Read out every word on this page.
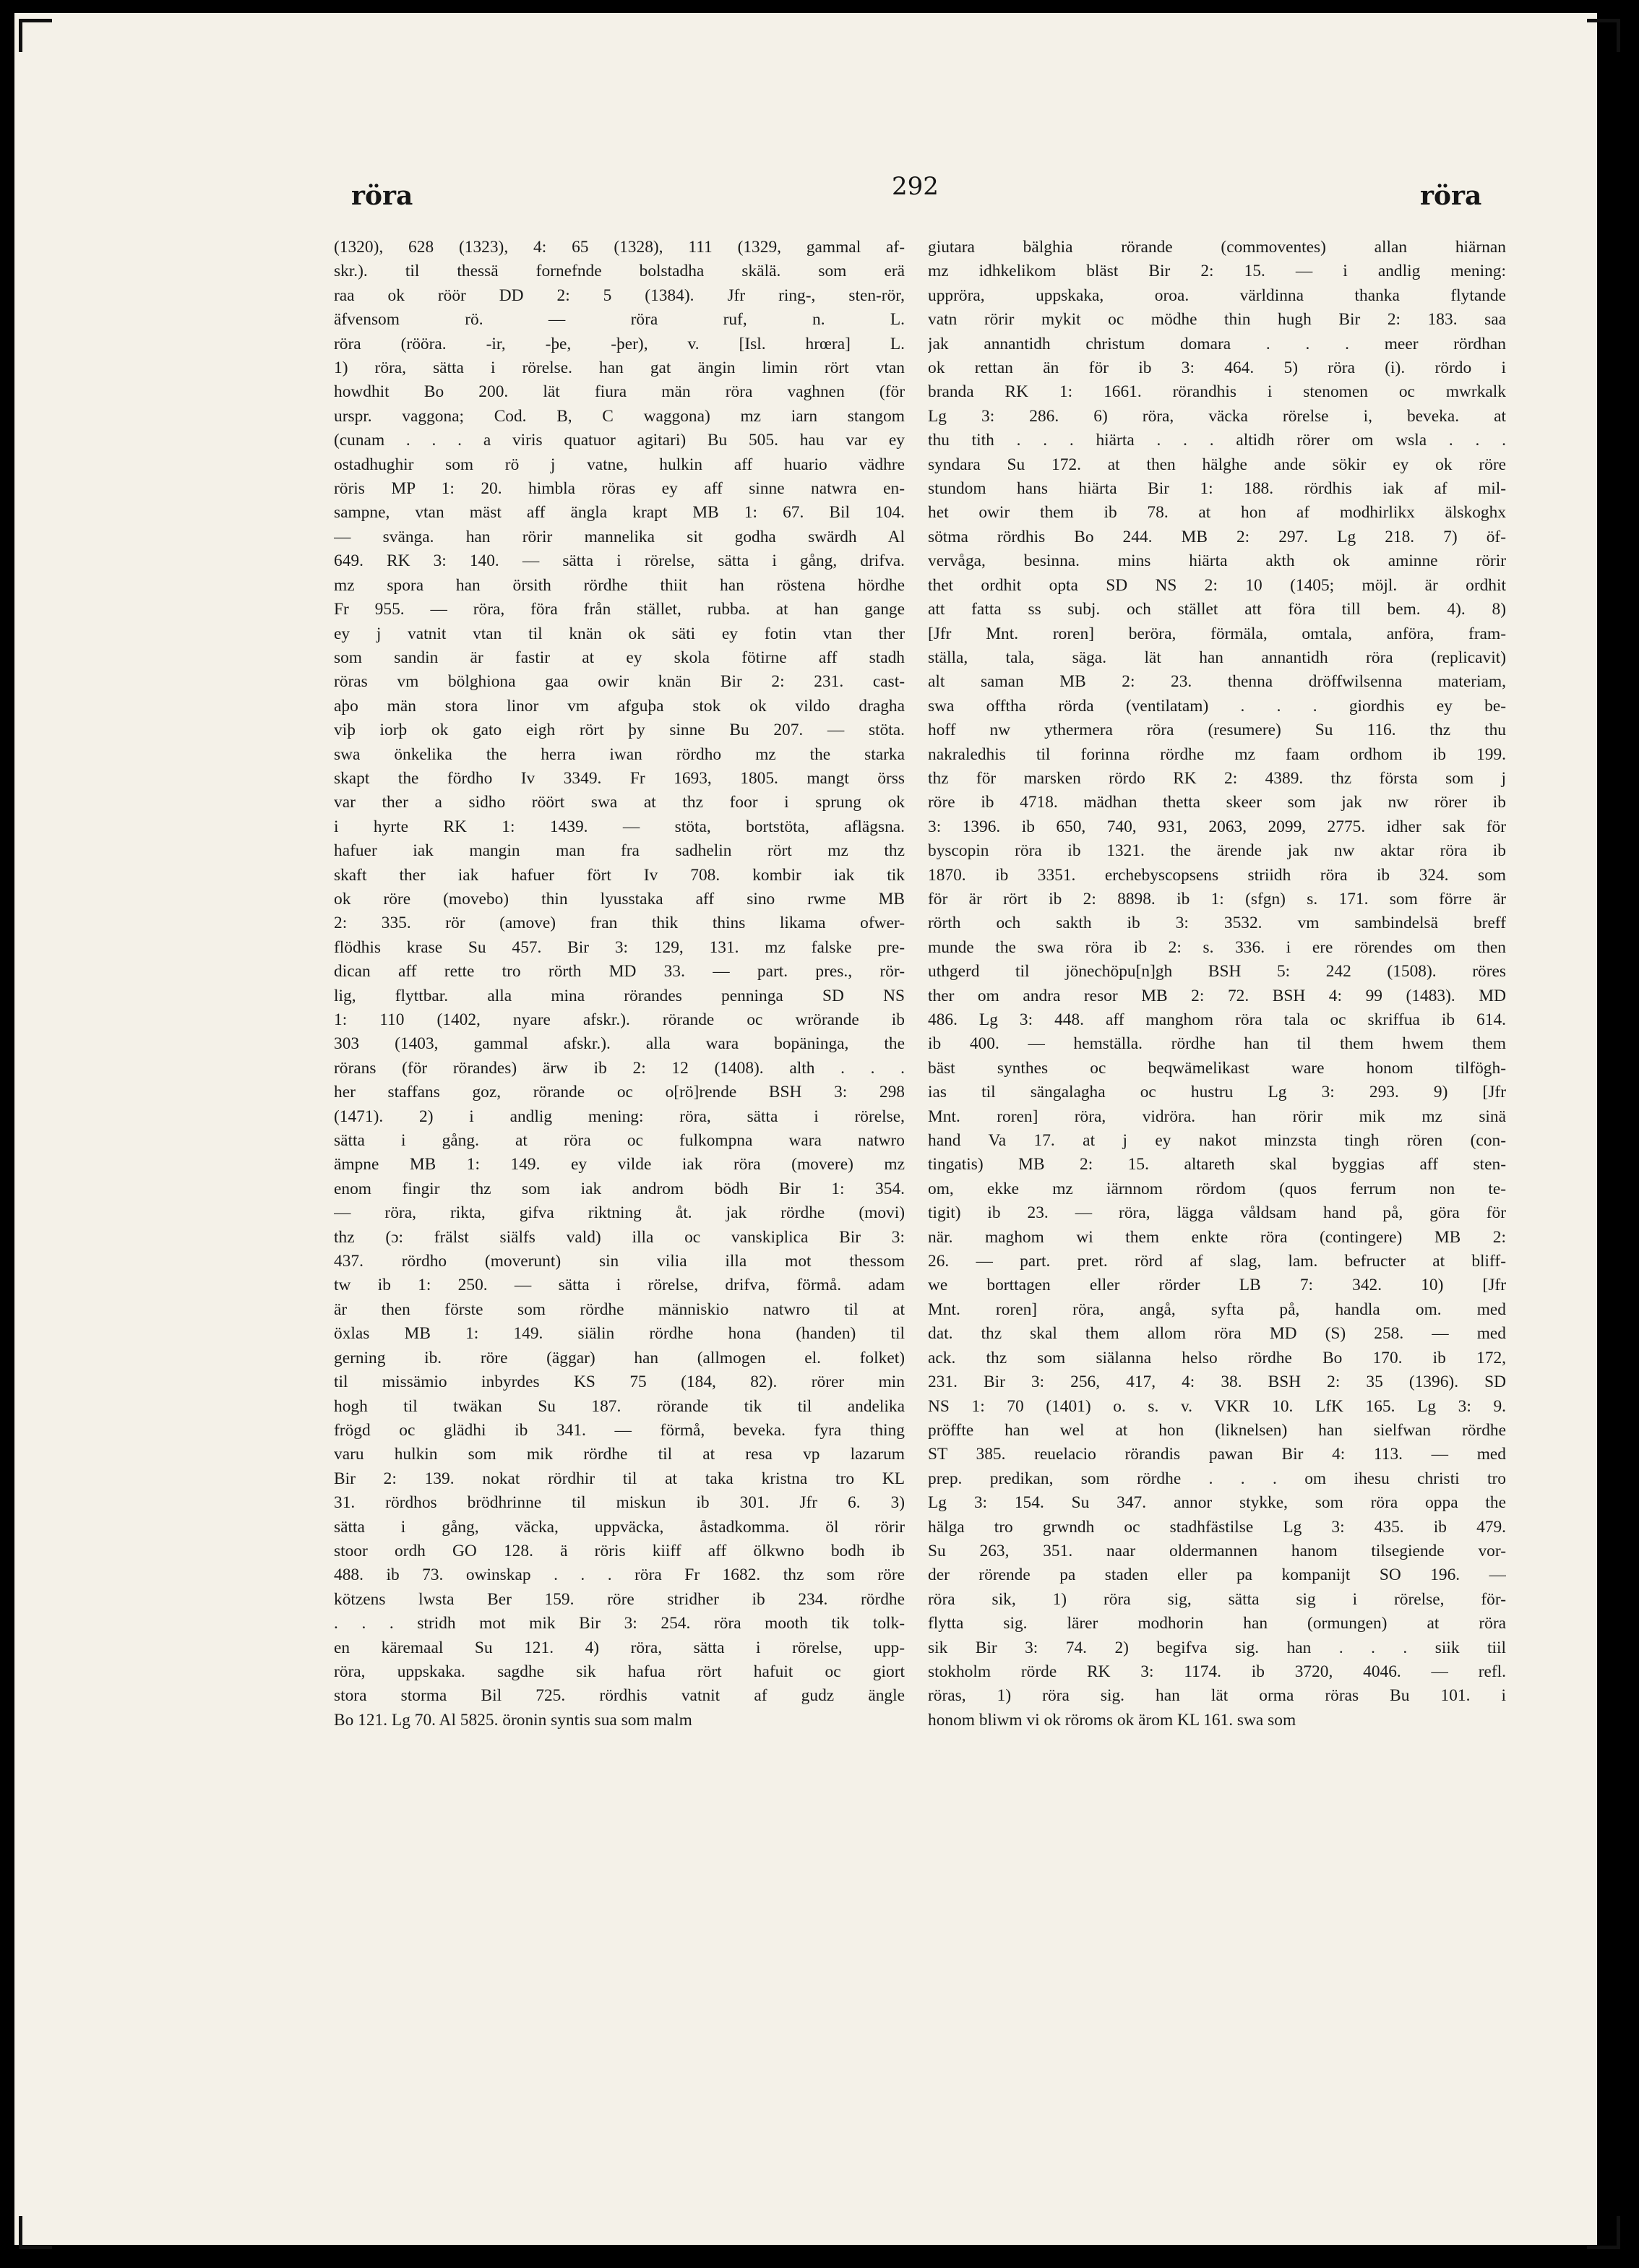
röra	292	röra
(1320), 628 (1323), 4: 65 (1328), 111 (1329, gammal af-
skr.). til thessä fornefnde bolstadha skälä. som erä
raa ok röör DD 2: 5 (1384). Jfr ring-, sten-rör,
äfvensom rö. — röra ruf, n. L.
röra (rööra. -ir, -þe, -þer), v. [Isl. hrœra] L.
1) röra, sätta i rörelse. han gat ängin limin rört vtan
howdhit Bo 200. lät fiura män röra vaghnen (för
urspr. vaggona; Cod. B, C waggona) mz iarn stangom
(cunam . . . a viris quatuor agitari) Bu 505. hau var ey
ostadhughir som rö j vatne, hulkin aff huario vädhre
röris MP 1: 20. himbla röras ey aff sinne natwra en-
sampne, vtan mäst aff ängla krapt MB 1: 67. Bil 104.
— svänga. han rörir mannelika sit godha swärdh Al
649. RK 3: 140. — sätta i rörelse, sätta i gång, drifva.
mz spora han örsith rördhe thiit han röstena hördhe
Fr 955. — röra, föra från stället, rubba. at han gange
ey j vatnit vtan til knän ok säti ey fotin vtan ther
som sandin är fastir at ey skola fötirne aff stadh
röras vm bölghiona gaa owir knän Bir 2: 231. cast-
aþo män stora linor vm afguþa stok ok vildo dragha
viþ iorþ ok gato eigh rört þy sinne Bu 207. — stöta.
swa önkelika the herra iwan rördho mz the starka
skapt the fördho Iv 3349. Fr 1693, 1805. mangt örss
var ther a sidho röört swa at thz foor i sprung ok
i hyrte RK 1: 1439. — stöta, bortstöta, aflägsna.
hafuer iak mangin man fra sadhelin rört mz thz
skaft ther iak hafuer fört Iv 708. kombir iak tik
ok röre (movebo) thin lyusstaka aff sino rwme MB
2: 335. rör (amove) fran thik thins likama ofwer-
flödhis krase Su 457. Bir 3: 129, 131. mz falske pre-
dican aff rette tro rörth MD 33. — part. pres., rör-
lig, flyttbar. alla mina rörandes penninga SD NS
1: 110 (1402, nyare afskr.). rörande oc wrörande ib
303 (1403, gammal afskr.). alla wara bopäninga, the
rörans (för rörandes) ärw ib 2: 12 (1408). alth . . .
her staffans goz, rörande oc o[rö]rende BSH 3: 298
(1471). 2) i andlig mening: röra, sätta i rörelse,
sätta i gång. at röra oc fulkompna wara natwro
ämpne MB 1: 149. ey vilde iak röra (movere) mz
enom fingir thz som iak androm bödh Bir 1: 354.
— röra, rikta, gifva riktning åt. jak rördhe (movi)
thz (ɔ: frälst siälfs vald) illa oc vanskiplica Bir 3:
437. rördho (moverunt) sin vilia illa mot thessom
tw ib 1: 250. — sätta i rörelse, drifva, förmå. adam
är then förste som rördhe människio natwro til at
öxlas MB 1: 149. siälin rördhe hona (handen) til
gerning ib. röre (äggar) han (allmogen el. folket)
til missämio inbyrdes KS 75 (184, 82). rörer min
hogh til twäkan Su 187. rörande tik til andelika
frögd oc glädhi ib 341. — förmå, beveka. fyra thing
varu hulkin som mik rördhe til at resa vp lazarum
Bir 2: 139. nokat rördhir til at taka kristna tro KL
31. rördhos brödhrinne til miskun ib 301. Jfr 6. 3)
sätta i gång, väcka, uppväcka, åstadkomma. öl rörir
stoor ordh GO 128. ä röris kiiff aff ölkwno bodh ib
488. ib 73. owinskap . . . röra Fr 1682. thz som röre
kötzens lwsta Ber 159. röre stridher ib 234. rördhe
. . . stridh mot mik Bir 3: 254. röra mooth tik tolk-
en käremaal Su 121. 4) röra, sätta i rörelse, upp-
röra, uppskaka. sagdhe sik hafua rört hafuit oc giort
stora storma Bil 725. rördhis vatnit af gudz ängle
Bo 121. Lg 70. Al 5825. öronin syntis sua som malm
giutara bälghia rörande (commoventes) allan hiärnan
mz idhkelikom bläst Bir 2: 15. — i andlig mening:
uppröra, uppskaka, oroa. världinna thanka flytande
vatn rörir mykit oc mödhe thin hugh Bir 2: 183. saa
jak annantidh christum domara . . . meer rördhan
ok rettan än för ib 3: 464. 5) röra (i). rördo i
branda RK 1: 1661. rörandhis i stenomen oc mwrkalk
Lg 3: 286. 6) röra, väcka rörelse i, beveka. at
thu tith . . . hiärta . . . altidh rörer om wsla . . .
syndara Su 172. at then hälghe ande sökir ey ok röre
stundom hans hiärta Bir 1: 188. rördhis iak af mil-
het owir them ib 78. at hon af modhirlikx älskoghx
sötma rördhis Bo 244. MB 2: 297. Lg 218. 7) öf-
vervåga, besinna. mins hiärta akth ok aminne rörir
thet ordhit opta SD NS 2: 10 (1405; möjl. är ordhit
att fatta ss subj. och stället att föra till bem. 4). 8)
[Jfr Mnt. roren] beröra, förmäla, omtala, anföra, fram-
ställa, tala, säga. lät han annantidh röra (replicavit)
alt saman MB 2: 23. thenna dröffwilsenna materiam,
swa offtha rörda (ventilatam) . . . giordhis ey be-
hoff nw ythermera röra (resumere) Su 116. thz thu
nakraledhis til forinna rördhe mz faam ordhom ib 199.
thz för marsken rördo RK 2: 4389. thz första som j
röre ib 4718. mädhan thetta skeer som jak nw rörer ib
3: 1396. ib 650, 740, 931, 2063, 2099, 2775. idher sak för
byscopin röra ib 1321. the ärende jak nw aktar röra ib
1870. ib 3351. erchebyscopsens striidh röra ib 324. som
för är rört ib 2: 8898. ib 1: (sfgn) s. 171. som förre är
rörth och sakth ib 3: 3532. vm sambindelsä breff
munde the swa röra ib 2: s. 336. i ere rörendes om then
uthgerd til jönechöpu[n]gh BSH 5: 242 (1508). röres
ther om andra resor MB 2: 72. BSH 4: 99 (1483). MD
486. Lg 3: 448. aff manghom röra tala oc skriffua ib 614.
ib 400. — hemställa. rördhe han til them hwem them
bäst synthes oc beqwämelikast ware honom tilfögh-
ias til sängalagha oc hustru Lg 3: 293. 9) [Jfr
Mnt. roren] röra, vidröra. han rörir mik mz sinä
hand Va 17. at j ey nakot minzsta tingh rören (con-
tingatis) MB 2: 15. altareth skal byggias aff sten-
om, ekke mz iärnnom rördom (quos ferrum non te-
tigit) ib 23. — röra, lägga våldsam hand på, göra för
när. maghom wi them enkte röra (contingere) MB 2:
26. — part. pret. rörd af slag, lam. befructer at bliff-
we borttagen eller rörder LB 7: 342. 10) [Jfr
Mnt. roren] röra, angå, syfta på, handla om. med
dat. thz skal them allom röra MD (S) 258. — med
ack. thz som siälanna helso rördhe Bo 170. ib 172,
231. Bir 3: 256, 417, 4: 38. BSH 2: 35 (1396). SD
NS 1: 70 (1401) o. s. v. VKR 10. LfK 165. Lg 3: 9.
pröffte han wel at hon (liknelsen) han sielfwan rördhe
ST 385. reuelacio rörandis pawan Bir 4: 113. — med
prep. predikan, som rördhe . . . om ihesu christi tro
Lg 3: 154. Su 347. annor stykke, som röra oppa the
hälga tro grwndh oc stadhfästilse Lg 3: 435. ib 479.
Su 263, 351. naar oldermannen hanom tilsegiende vor-
der rörende pa staden eller pa kompanijt SO 196. —
röra sik, 1) röra sig, sätta sig i rörelse, för-
flytta sig. lärer modhorin han (ormungen) at röra
sik Bir 3: 74. 2) begifva sig. han . . . siik tiil
stokholm rörde RK 3: 1174. ib 3720, 4046. — refl.
röras, 1) röra sig. han lät orma röras Bu 101. i
honom bliwm vi ok röroms ok ärom KL 161. swa som
